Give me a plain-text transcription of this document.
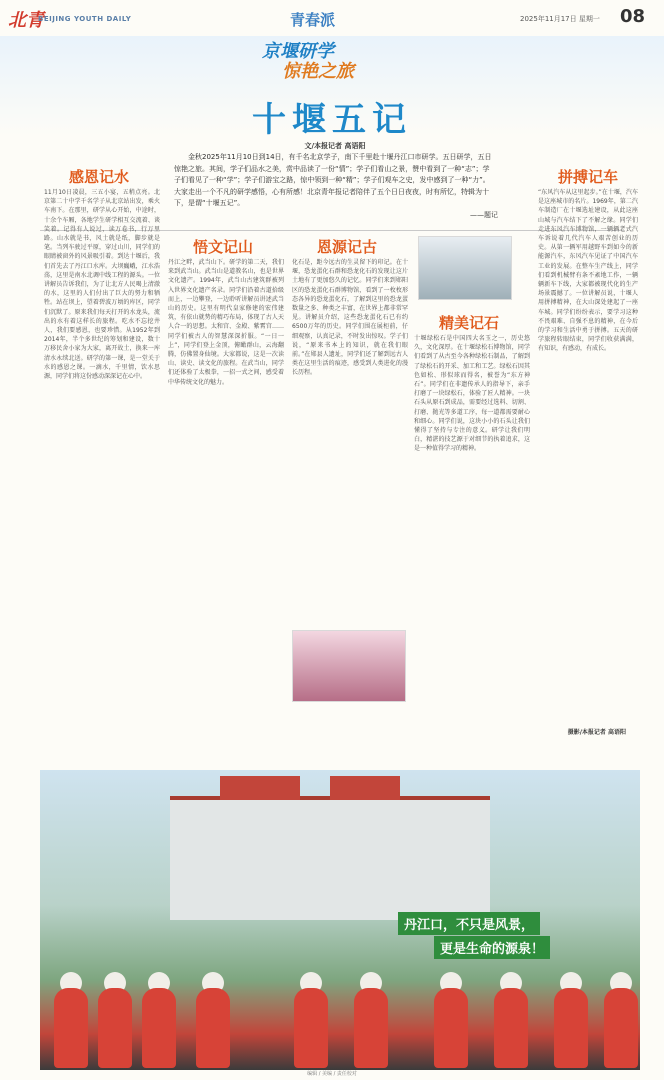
北青
BEIJING YOUTH DAILY	青春派	2025年11月17日 星期一 08
京堰研学
惊艳之旅
十堰五记
文/本报记者 高语阳
金秋2025年11月10日到14日，有千名北京学子，南下千里赴十堰丹江口市研学。五日研学，五日惊艳之旅。其间，学子们品水之美，赏中品读了一份“情”；学子们看山之景，赞中看到了一种“志”；学子们看见了一种“学”；学子们游宝之路，惊中领到一种“精”；学子们观车之史，发中感到了一种“力”。大家走出一个不凡的研学感悟，心有所感！北京青年报记者陪伴了五个日日夜夜，时有所忆，特辑为十下，是谓“十堰五记”。
——题记
感恩记水
11月10日凌晨，三五小宴，五稍点亮。北京第二十中学千名学子从北京站出发，乘火车南下。在那里，研学从心开始，中途时，十余个车厢，各地学生研学相互交流着、谈笑着。记得有人说过，读万卷书，行万里路。山水就是书，风土就是纸，脚步就是笔。当列车驶过平原，穿过山川，同学们的眼睛被窗外的风景吸引着。到达十堰后，我们首先去了丹江口水库。大坝巍峨，江水浩荡，这里是南水北调中线工程的源头。一位讲解员告诉我们，为了让北方人民喝上清澈的水，这里的人们付出了巨大的努力和牺牲。站在坝上，望着碧波万顷的库区，同学们沉默了。原来我们每天打开的水龙头，流出的水有着这样长的旅程。吃水不忘挖井人，我们要感恩，也要珍惜。从1952年到2014年，半个多世纪的筹划和建设，数十万移民舍小家为大家，离开故土，换来一库清水永续北送。研学的第一课，是一堂关于水的感恩之课。一滴水，千里情，饮水思源，同学们将这份感动深深记在心中。
悟文记山
丹江之畔，武当山下。研学的第二天，我们来到武当山。武当山是道教名山，也是世界文化遗产。1994年，武当山古建筑群被列入世界文化遗产名录。同学们沿着古道拾级而上，一边攀登，一边聆听讲解员讲述武当山的历史。这里有明代皇家修建的宏伟建筑，有依山就势的精巧布局，体现了古人天人合一的思想。太和宫、金殿、紫霄宫……同学们被古人的智慧深深折服。“一日一上”，同学们登上金顶，俯瞰群山，云海翻腾，仿佛置身仙境。大家都说，这是一次读山、读史、读文化的旅程。在武当山，同学们还体验了太极拳，一招一式之间，感受着中华传统文化的魅力。
恩源记古
化石是，距今远古的生灵留下的印记。在十堰，恐龙蛋化石群和恐龙化石的发现让这片土地有了更加悠久的记忆。同学们来到郧阳区的恐龙蛋化石群博物馆，看到了一枚枚形态各异的恐龙蛋化石，了解到这里的恐龙蛋数量之多、种类之丰富，在世界上都非常罕见。讲解员介绍，这些恐龙蛋化石已有约6500万年的历史。同学们围在展柜前，仔细观察，认真记录，不时发出惊叹。学子们说，“原来书本上的知识，就在我们眼前。”在郧县人遗址，同学们还了解到远古人类在这里生活的痕迹，感受到人类进化的漫长历程。
精美记石
十堰绿松石是中国四大名玉之一，历史悠久，文化深厚。在十堰绿松石博物馆，同学们看到了从古至今各种绿松石制品，了解到了绿松石的开采、加工和工艺。绿松石因其色如松、形似球而得名，被誉为“东方神石”。同学们在非遗传承人的指导下，亲手打磨了一块绿松石，体验了匠人精神。一块石头从原石到成品，需要经过选料、切割、打磨、抛光等多道工序，每一道都需要耐心和细心。同学们说，这块小小的石头让我们懂得了坚持与专注的意义。研学让我们明白，精湛的技艺源于对细节的执着追求，这是一种值得学习的精神。
拼搏记车
“东风汽车从这里起步。”在十堰，汽车是这座城市的名片。1969年，第二汽车制造厂在十堰选址建设，从此这座山城与汽车结下了不解之缘。同学们走进东风汽车博物馆，一辆辆老式汽车诉说着几代汽车人艰苦创业的历史。从第一辆军用越野车到如今的新能源汽车，东风汽车见证了中国汽车工业的发展。在整车生产线上，同学们看到机械臂有条不紊地工作，一辆辆新车下线，大家都被现代化的生产场景震撼了。一位讲解员说，十堰人用拼搏精神，在大山深处建起了一座车城。同学们纷纷表示，要学习这种不畏艰难、自强不息的精神，在今后的学习和生活中勇于拼搏。五天的研学旅程转眼结束，同学们收获满满，有知识，有感动，有成长。
摄影/本报记者 高语阳
丹江口，不只是风景，
更是生命的源泉！
编辑 / 美编 / 责任校对
